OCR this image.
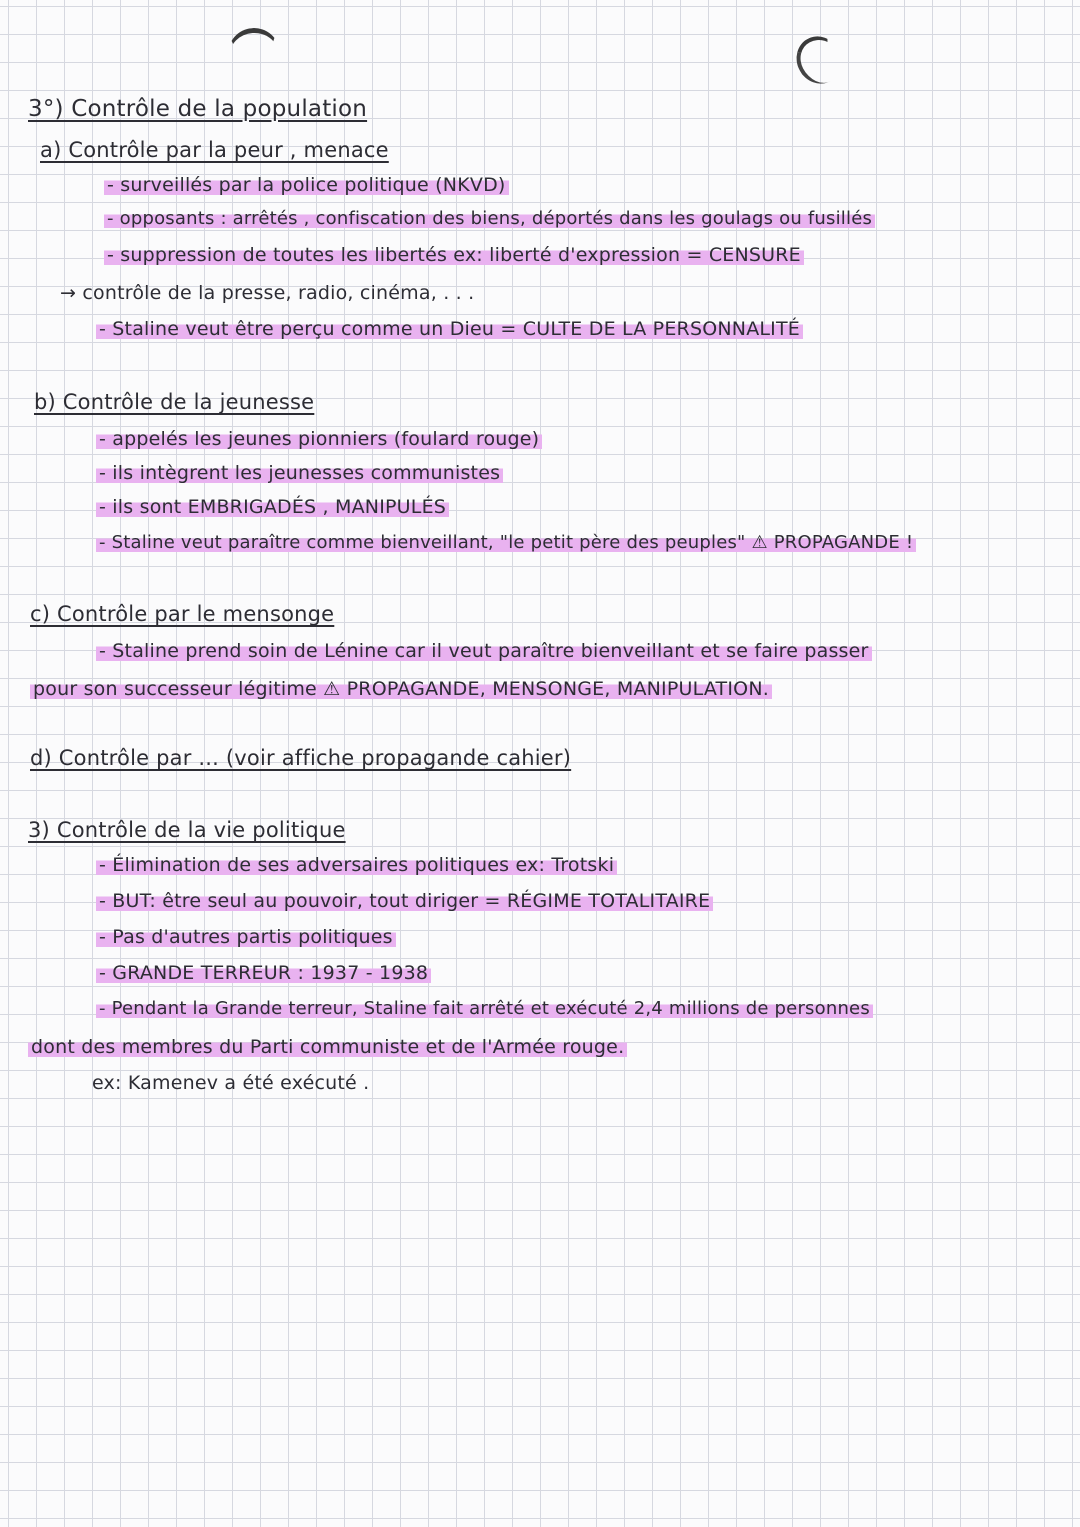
3°) Contrôle de la population
a) Contrôle par la peur , menace
- surveillés par la police politique (NKVD)
- opposants : arrêtés , confiscation des biens, déportés dans les goulags ou fusillés
- suppression de toutes les libertés ex: liberté d'expression = CENSURE
→ contrôle de la presse, radio, cinéma, . . .
- Staline veut être perçu comme un Dieu = CULTE DE LA PERSONNALITÉ
b) Contrôle de la jeunesse
- appelés les jeunes pionniers (foulard rouge)
- ils intègrent les jeunesses communistes
- ils sont EMBRIGADÉS , MANIPULÉS
- Staline veut paraître comme bienveillant, "le petit père des peuples" ⚠ PROPAGANDE !
c) Contrôle par le mensonge
- Staline prend soin de Lénine car il veut paraître bienveillant et se faire passer
pour son successeur légitime ⚠ PROPAGANDE, MENSONGE, MANIPULATION.
d) Contrôle par ... (voir affiche propagande cahier)
3) Contrôle de la vie politique
- Élimination de ses adversaires politiques ex: Trotski
- BUT: être seul au pouvoir, tout diriger = RÉGIME TOTALITAIRE
- Pas d'autres partis politiques
- GRANDE TERREUR : 1937 - 1938
- Pendant la Grande terreur, Staline fait arrêté et exécuté 2,4 millions de personnes
dont des membres du Parti communiste et de l'Armée rouge.
ex: Kamenev a été exécuté .
